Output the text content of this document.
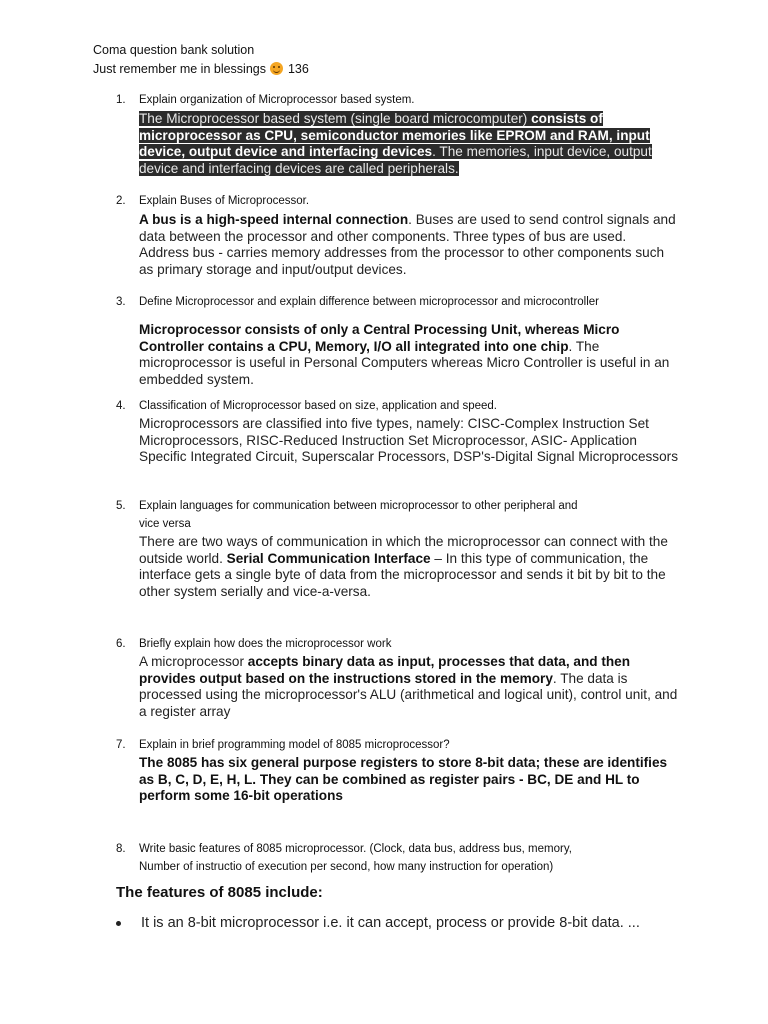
Coma question bank solution
Just remember me in blessings 136
1. Explain organization of Microprocessor based system.
The Microprocessor based system (single board microcomputer) consists of microprocessor as CPU, semiconductor memories like EPROM and RAM, input device, output device and interfacing devices. The memories, input device, output device and interfacing devices are called peripherals.
2. Explain Buses of Microprocessor.
A bus is a high-speed internal connection. Buses are used to send control signals and data between the processor and other components. Three types of bus are used. Address bus - carries memory addresses from the processor to other components such as primary storage and input/output devices.
3. Define Microprocessor and explain difference between microprocessor and microcontroller
Microprocessor consists of only a Central Processing Unit, whereas Micro Controller contains a CPU, Memory, I/O all integrated into one chip. The microprocessor is useful in Personal Computers whereas Micro Controller is useful in an embedded system.
4. Classification of Microprocessor based on size, application and speed.
Microprocessors are classified into five types, namely: CISC-Complex Instruction Set Microprocessors, RISC-Reduced Instruction Set Microprocessor, ASIC- Application Specific Integrated Circuit, Superscalar Processors, DSP's-Digital Signal Microprocessors
5. Explain languages for communication between microprocessor to other peripheral and
vice versa
There are two ways of communication in which the microprocessor can connect with the outside world. Serial Communication Interface – In this type of communication, the interface gets a single byte of data from the microprocessor and sends it bit by bit to the other system serially and vice-a-versa.
6. Briefly explain how does the microprocessor work
A microprocessor accepts binary data as input, processes that data, and then provides output based on the instructions stored in the memory. The data is processed using the microprocessor's ALU (arithmetical and logical unit), control unit, and a register array
7. Explain in brief programming model of 8085 microprocessor?
The 8085 has six general purpose registers to store 8-bit data; these are identifies as B, C, D, E, H, L. They can be combined as register pairs - BC, DE and HL to perform some 16-bit operations
8. Write basic features of 8085 microprocessor. (Clock, data bus, address bus, memory,
Number of instructio of execution per second, how many instruction for operation)
The features of 8085 include:
It is an 8-bit microprocessor i.e. it can accept, process or provide 8-bit data. ...
